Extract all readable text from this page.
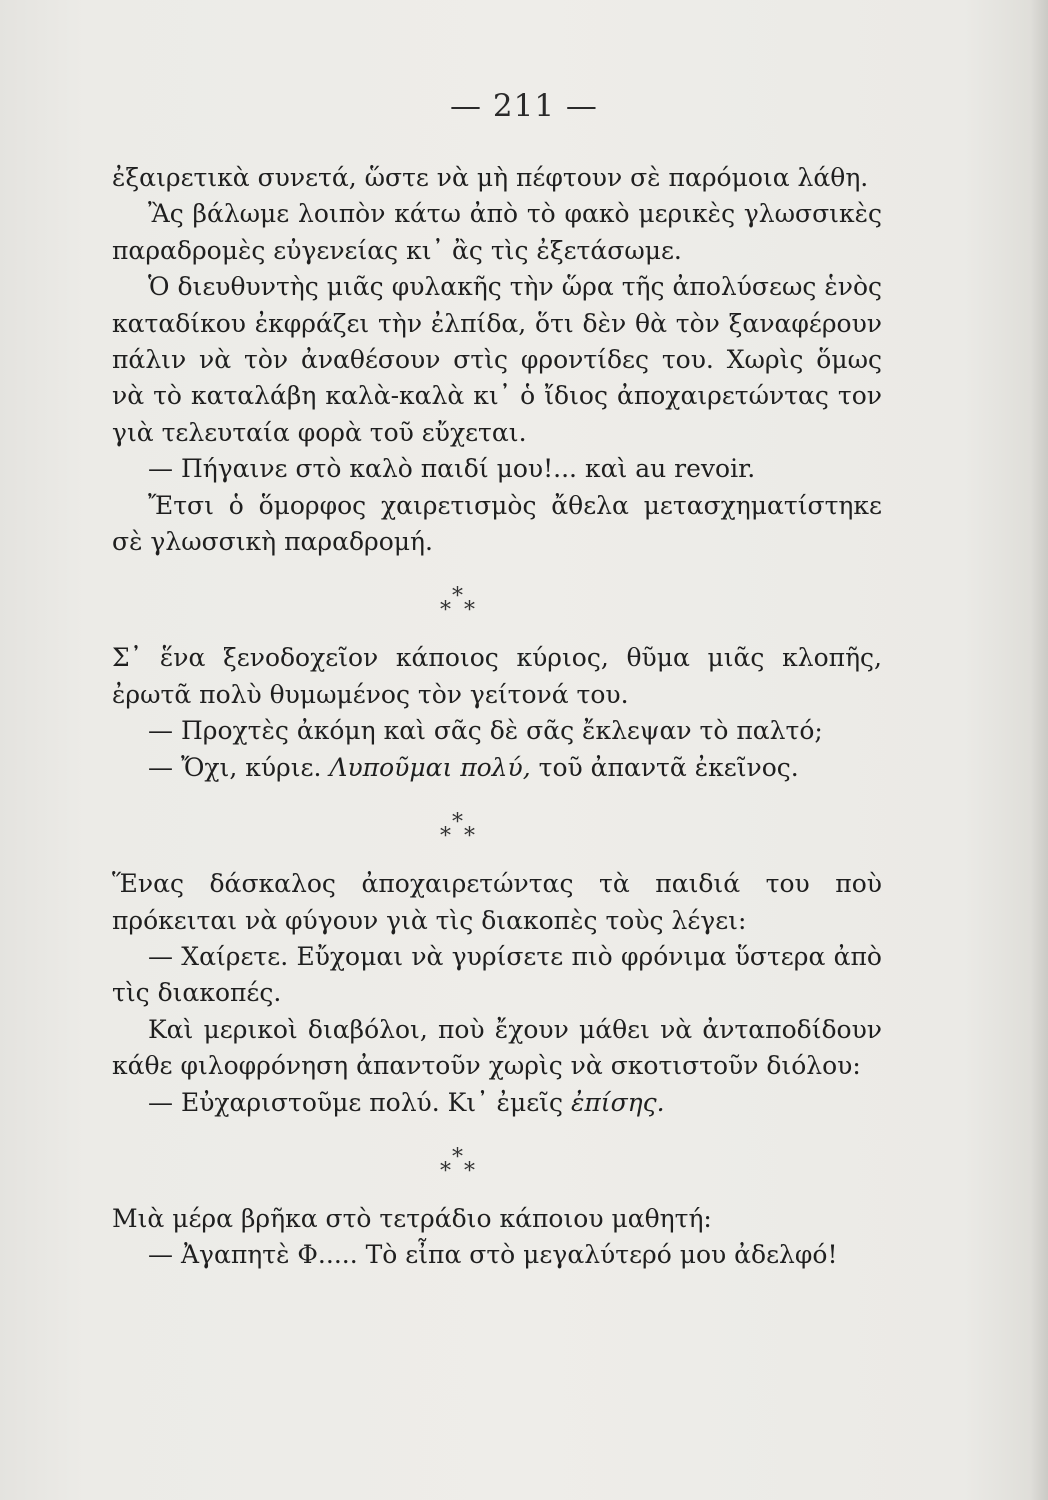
— 211 —

ἐξαιρετικὰ συνετά, ὥστε νὰ μὴ πέφτουν σὲ παρόμοια λάθη.

Ἂς βάλωμε λοιπὸν κάτω ἀπὸ τὸ φακὸ μερικὲς γλωσσικὲς παραδρομὲς εὐγενείας κι᾿ ἂς τὶς ἐξετάσωμε.

Ὁ διευθυντὴς μιᾶς φυλακῆς τὴν ὥρα τῆς ἀπολύσεως ἑνὸς καταδίκου ἐκφράζει τὴν ἐλπίδα, ὅτι δὲν θὰ τὸν ξαναφέρουν πάλιν νὰ τὸν ἀναθέσουν στὶς φροντίδες του. Χωρὶς ὅμως νὰ τὸ καταλάβη καλὰ-καλὰ κι᾿ ὁ ἴδιος ἀποχαιρετώντας τον γιὰ τελευταία φορὰ τοῦ εὔχεται.

— Πήγαινε στὸ καλὸ παιδί μου!... καὶ au revoir.

Ἔτσι ὁ ὅμορφος χαιρετισμὸς ἄθελα μετασχηματίστηκε σὲ γλωσσικὴ παραδρομή.

*
* *

Σ᾿ ἕνα ξενοδοχεῖον κάποιος κύριος, θῦμα μιᾶς κλοπῆς, ἐρωτᾶ πολὺ θυμωμένος τὸν γείτονά του.

— Προχτὲς ἀκόμη καὶ σᾶς δὲ σᾶς ἔκλεψαν τὸ παλτό;

— Ὄχι, κύριε. Λυποῦμαι πολύ, τοῦ ἀπαντᾶ ἐκεῖνος.

*
* *

Ἕνας δάσκαλος ἀποχαιρετώντας τὰ παιδιά του ποὺ πρόκειται νὰ φύγουν γιὰ τὶς διακοπὲς τοὺς λέγει:

— Χαίρετε. Εὔχομαι νὰ γυρίσετε πιὸ φρόνιμα ὕστερα ἀπὸ τὶς διακοπές.

Καὶ μερικοὶ διαβόλοι, ποὺ ἔχουν μάθει νὰ ἀνταποδίδουν κάθε φιλοφρόνηση ἀπαντοῦν χωρὶς νὰ σκοτιστοῦν διόλου:

— Εὐχαριστοῦμε πολύ. Κι᾿ ἐμεῖς ἐπίσης.

*
* *

Μιὰ μέρα βρῆκα στὸ τετράδιο κάποιου μαθητή:

— Ἀγαπητὲ Φ..... Τὸ εἶπα στὸ μεγαλύτερό μου ἀδελφό!
